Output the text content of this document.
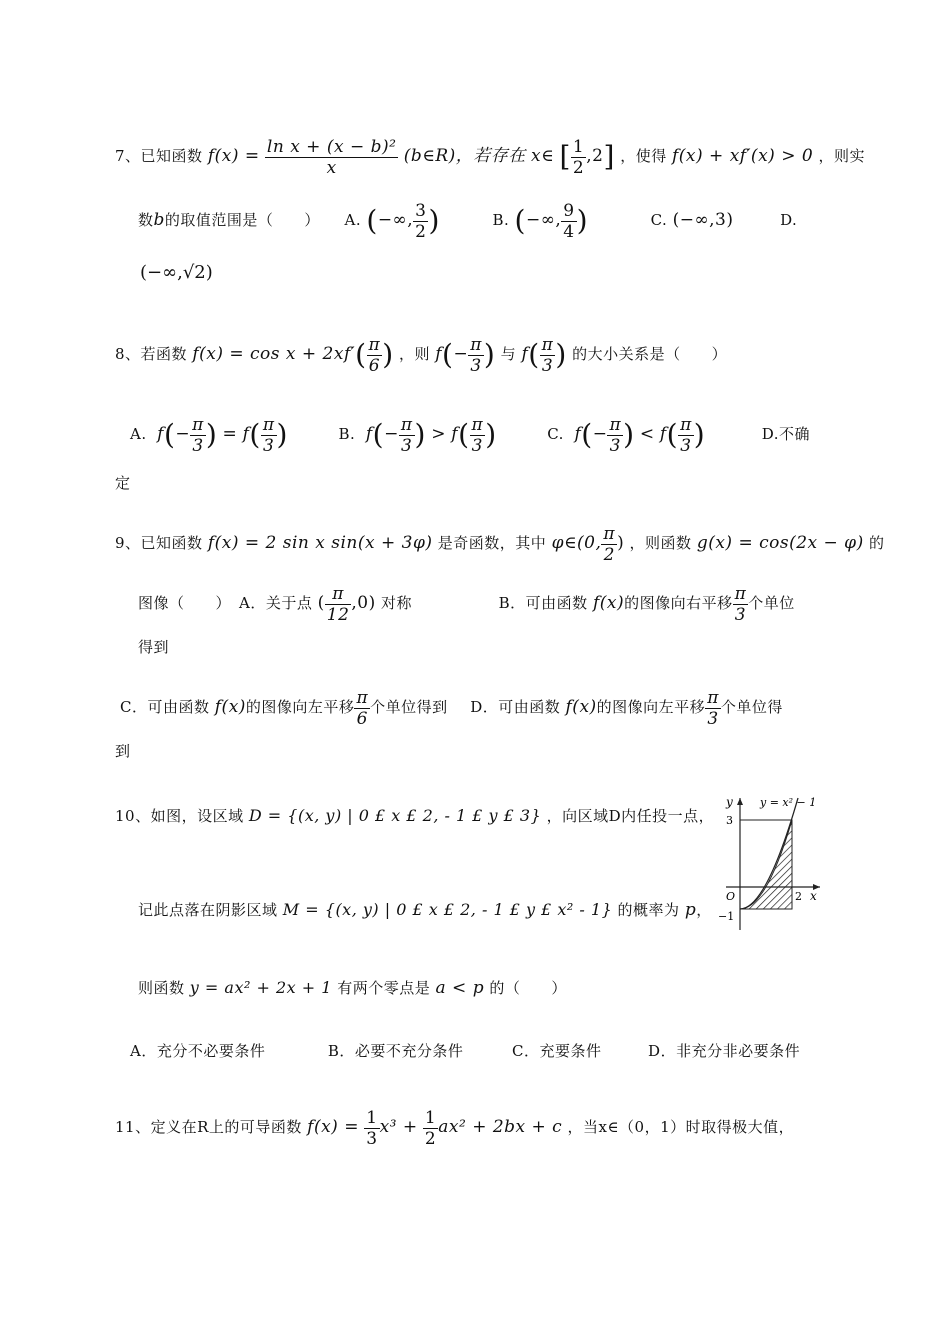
7、已知函数 $f(x) = \frac{\text{ln x + (x − b)²}}{x}$ (b∈R)，若存在 x∈ [ $\frac{1}{2} ,2$] ，使得 f(x) + xf′(x) > 0 ，则实
数b的取值范围是（　　） A. (−∞, $\frac{3}{2}$ )	B. (−∞, $\frac{9}{4}$ )	C. (−∞,3)	D.
(−∞,√2)
8、若函数 $f(x) = \cos x + 2xf'( \frac{\pi}{6}$ ) ，则 $f(- \frac{\pi}{3}$ ) 与 $f( \frac{\pi}{3}$ ) 的大小关系是（　　）
A. $f(- \frac{\pi}{3}$ ) = $f( \frac{\pi}{3}$ )	B. $f(- \frac{\pi}{3}$ ) > $f( \frac{\pi}{3}$ )	C. $f(- \frac{\pi}{3}$ ) < $f( \frac{\pi}{3}$ )	D.不确
定
9、已知函数 f(x) = 2 sin x sin(x + 3φ) 是奇函数，其中 φ∈(0, $\frac{\pi}{2}$ ) ，则函数 g(x) = cos(2x − φ) 的
图像（　　）　A．关于点 ( $\frac{\pi}{12} ,0$) 对称	B．可由函数 f(x)的图像向右平移 $\frac{\pi}{3}$ 个单位
得到
C．可由函数 f(x)的图像向左平移 $\frac{\pi}{6}$ 个单位得到 D．可由函数 f(x)的图像向左平移 $\frac{\pi}{3}$ 个单位得
到
10、如图，设区域 D = {(x, y) | 0 £ x £ 2, - 1 £ y £ 3} ，向区域D内任投一点，
记此点落在阴影区域 M = {(x, y) | 0 £ x £ 2, - 1 £ y £ x² - 1} 的概率为 p，
则函数 y = ax² + 2x + 1 有两个零点是 a < p 的（　　）
A．充分不必要条件	B．必要不充分条件	C．充要条件	D．非充分非必要条件
y y = x² − 1
3
O
−1
2 x
11、定义在R上的可导函数 $f(x) = \frac{1}{3} x^3 + \frac{1}{2} ax^2 + 2bx + c$ ，当x∈（0，1）时取得极大值，
